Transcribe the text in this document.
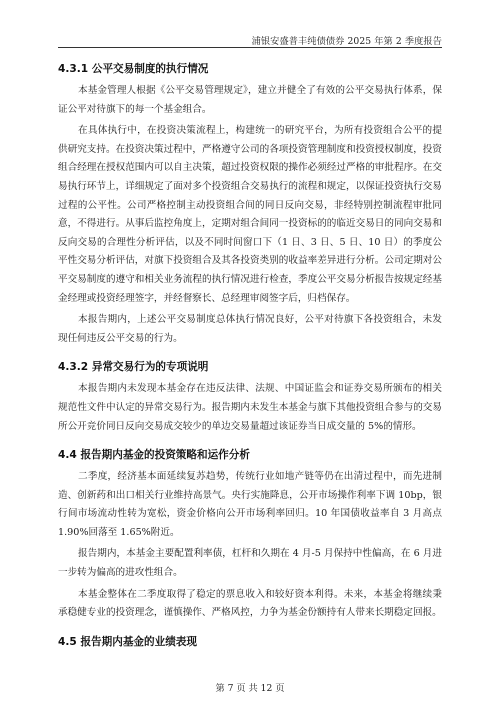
浦银安盛普丰纯债债券 2025 年第 2 季度报告
4.3.1 公平交易制度的执行情况

本基金管理人根据《公平交易管理规定》，建立并健全了有效的公平交易执行体系，保证公平对待旗下的每一个基金组合。

在具体执行中，在投资决策流程上，构建统一的研究平台，为所有投资组合公平的提供研究支持。在投资决策过程中，严格遵守公司的各项投资管理制度和投资授权制度，投资组合经理在授权范围内可以自主决策，超过投资权限的操作必须经过严格的审批程序。在交易执行环节上，详细规定了面对多个投资组合交易执行的流程和规定，以保证投资执行交易过程的公平性。公司严格控制主动投资组合间的同日反向交易，非经特别控制流程审批同意，不得进行。从事后监控角度上，定期对组合间同一投资标的的临近交易日的同向交易和反向交易的合理性分析评估，以及不同时间窗口下（1 日、3 日、5 日、10 日）的季度公平性交易分析评估，对旗下投资组合及其各投资类别的收益率差异进行分析。公司定期对公平交易制度的遵守和相关业务流程的执行情况进行检查，季度公平交易分析报告按规定经基金经理或投资经理签字，并经督察长、总经理审阅签字后，归档保存。

本报告期内，上述公平交易制度总体执行情况良好，公平对待旗下各投资组合，未发现任何违反公平交易的行为。

4.3.2 异常交易行为的专项说明

本报告期内未发现本基金存在违反法律、法规、中国证监会和证券交易所颁布的相关规范性文件中认定的异常交易行为。报告期内未发生本基金与旗下其他投资组合参与的交易所公开竞价同日反向交易成交较少的单边交易量超过该证券当日成交量的 5%的情形。

4.4 报告期内基金的投资策略和运作分析

二季度，经济基本面延续复苏趋势，传统行业如地产链等仍在出清过程中，而先进制造、创新药和出口相关行业维持高景气。央行实施降息，公开市场操作利率下调 10bp，银行间市场流动性转为宽松，资金价格向公开市场利率回归。10 年国债收益率自 3 月高点 1.90%回落至 1.65%附近。

报告期内，本基金主要配置利率债，杠杆和久期在 4 月-5 月保持中性偏高，在 6 月进一步转为偏高的进攻性组合。

本基金整体在二季度取得了稳定的票息收入和较好资本利得。未来，本基金将继续秉承稳健专业的投资理念，谨慎操作、严格风控，力争为基金份额持有人带来长期稳定回报。

4.5 报告期内基金的业绩表现
第 7 页 共 12 页
